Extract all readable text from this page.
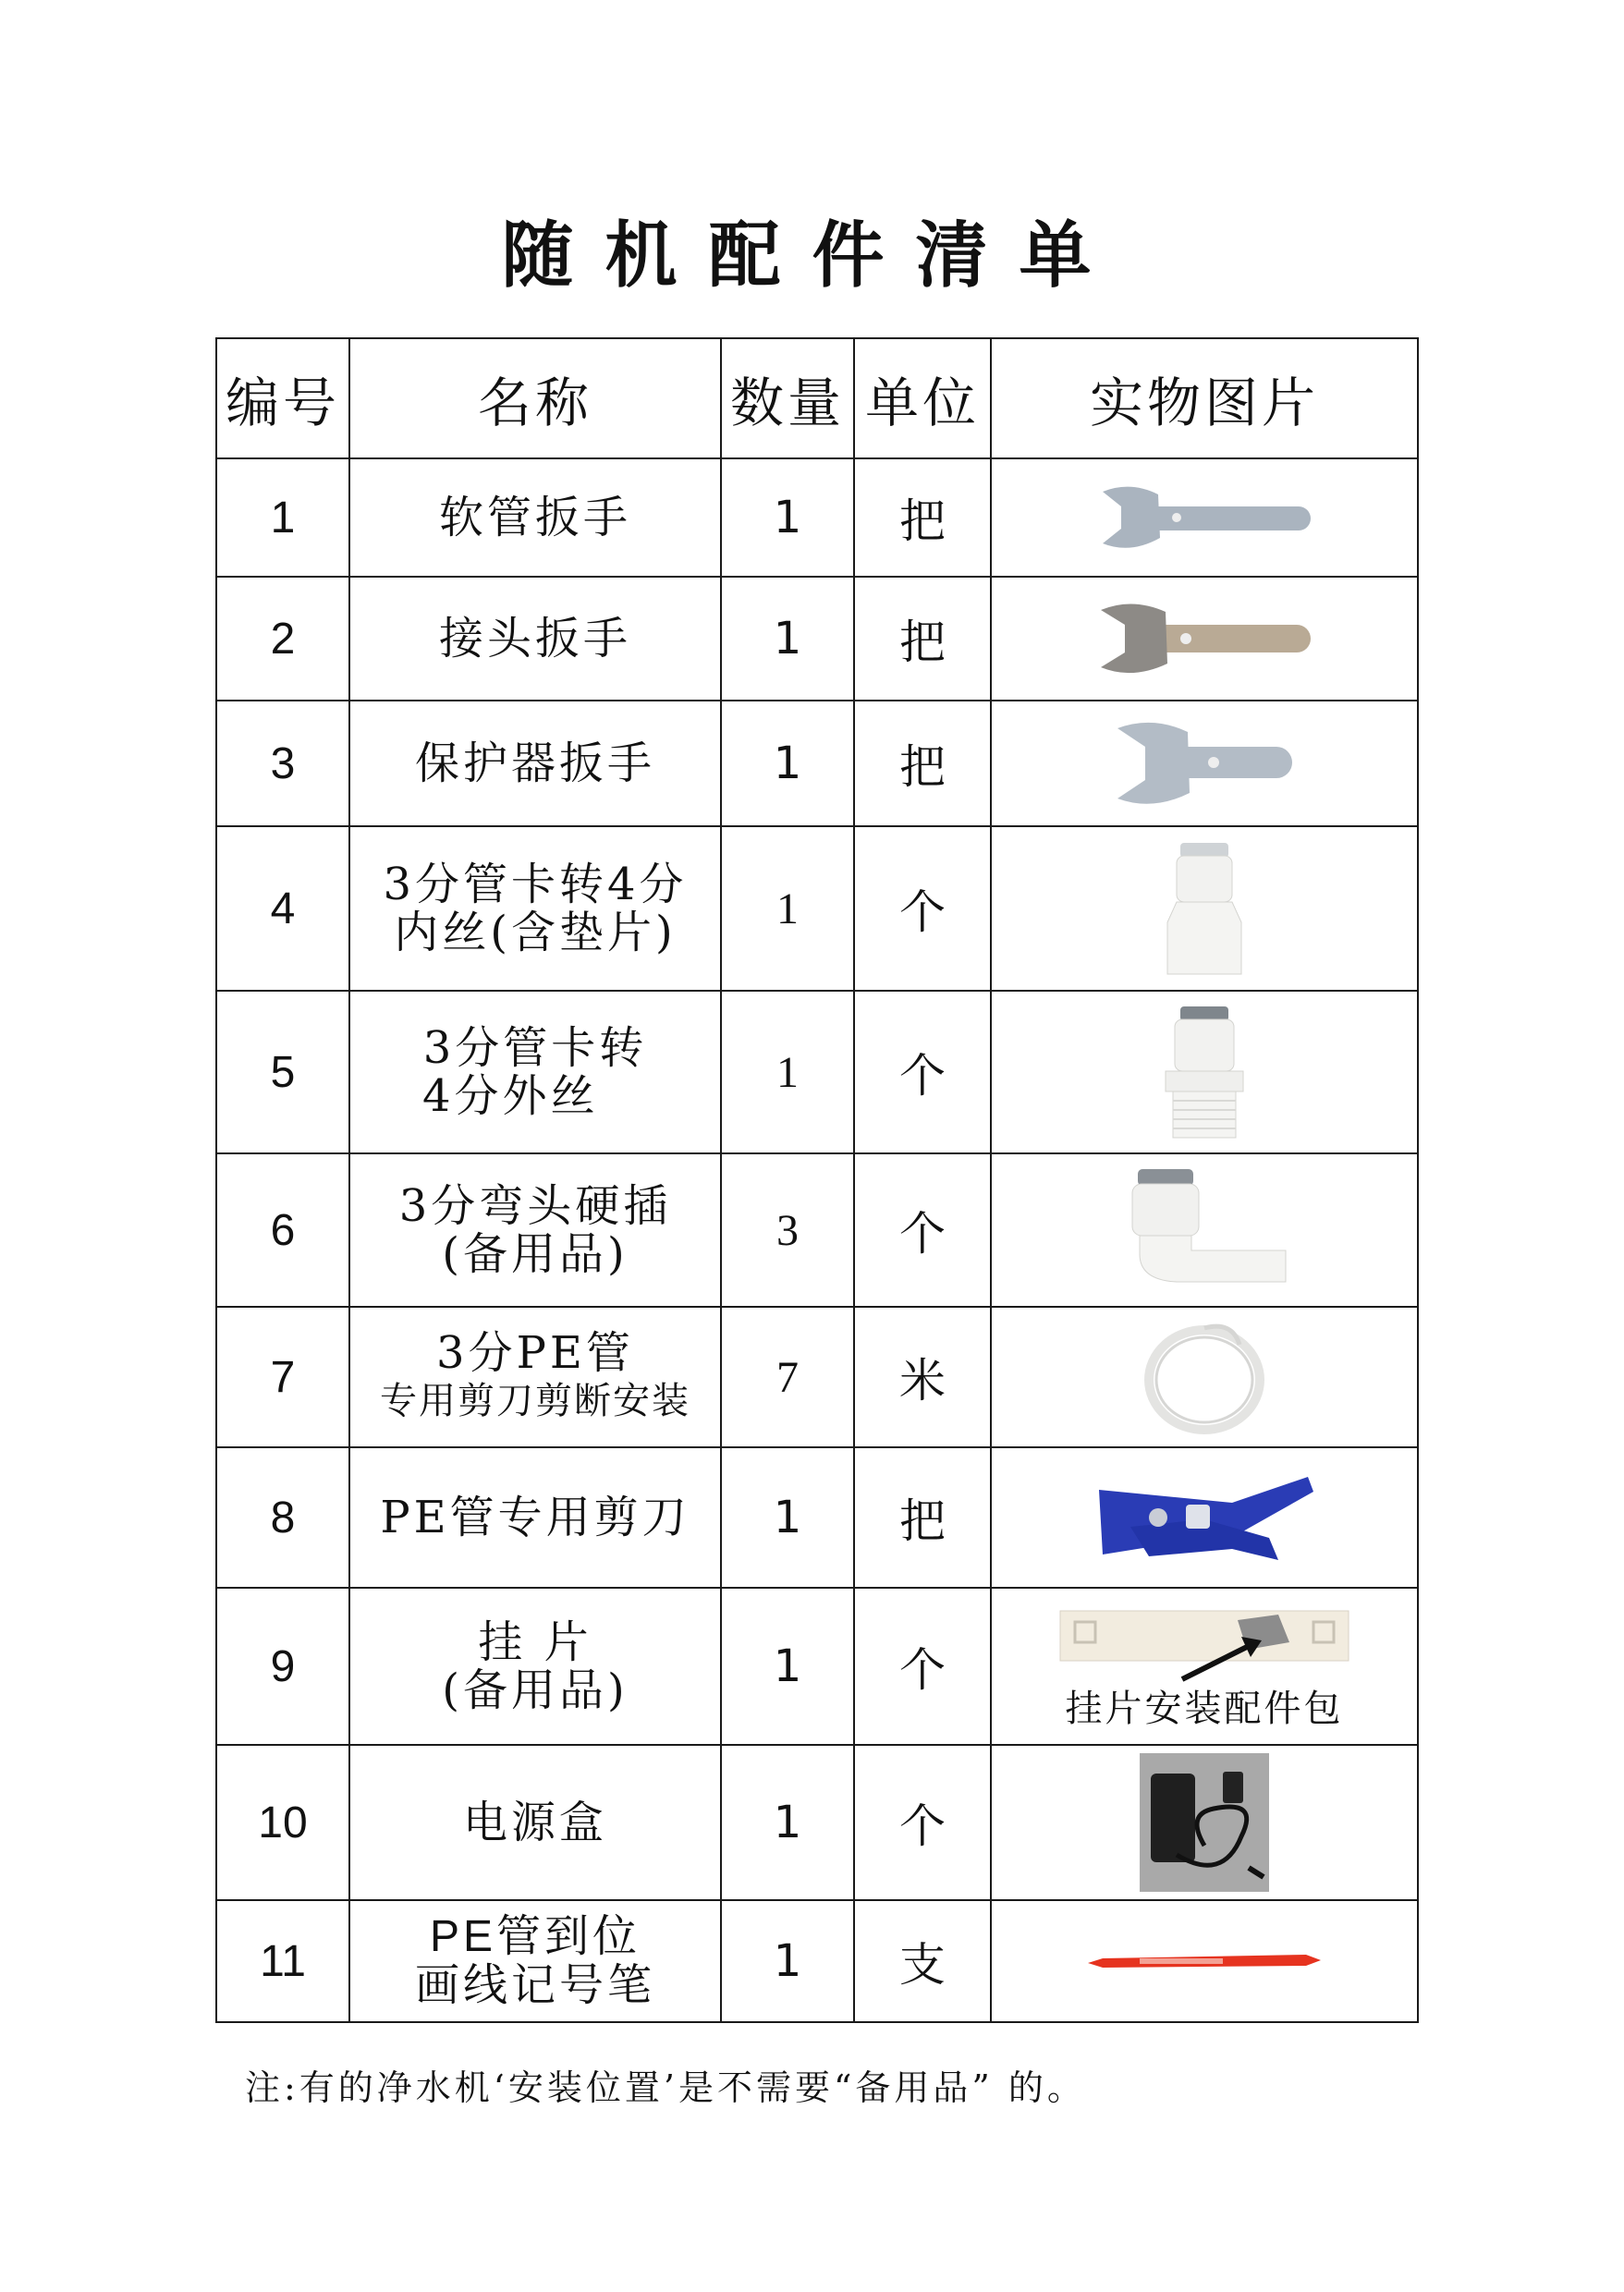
随机配件清单
编号	名称	数量	单位	实物图片
1	软管扳手	1	把	

2	接头扳手	1	把	

3	保护器扳手	1	把	

4	3分管卡转4分
内丝(含垫片)	1	个	

5	3分管卡转
4分外丝	1	个	

6	3分弯头硬插
(备用品)	3	个	

7	3分PE管
专用剪刀剪断安装	7	米	

8	PE管专用剪刀	1	把	

9	挂 片
(备用品)	1	个	挂片安装配件包

10	电源盒	1	个	

11	PE管到位
画线记号笔	1	支	
注:有的净水机‘安装位置’是不需要“备用品” 的。
